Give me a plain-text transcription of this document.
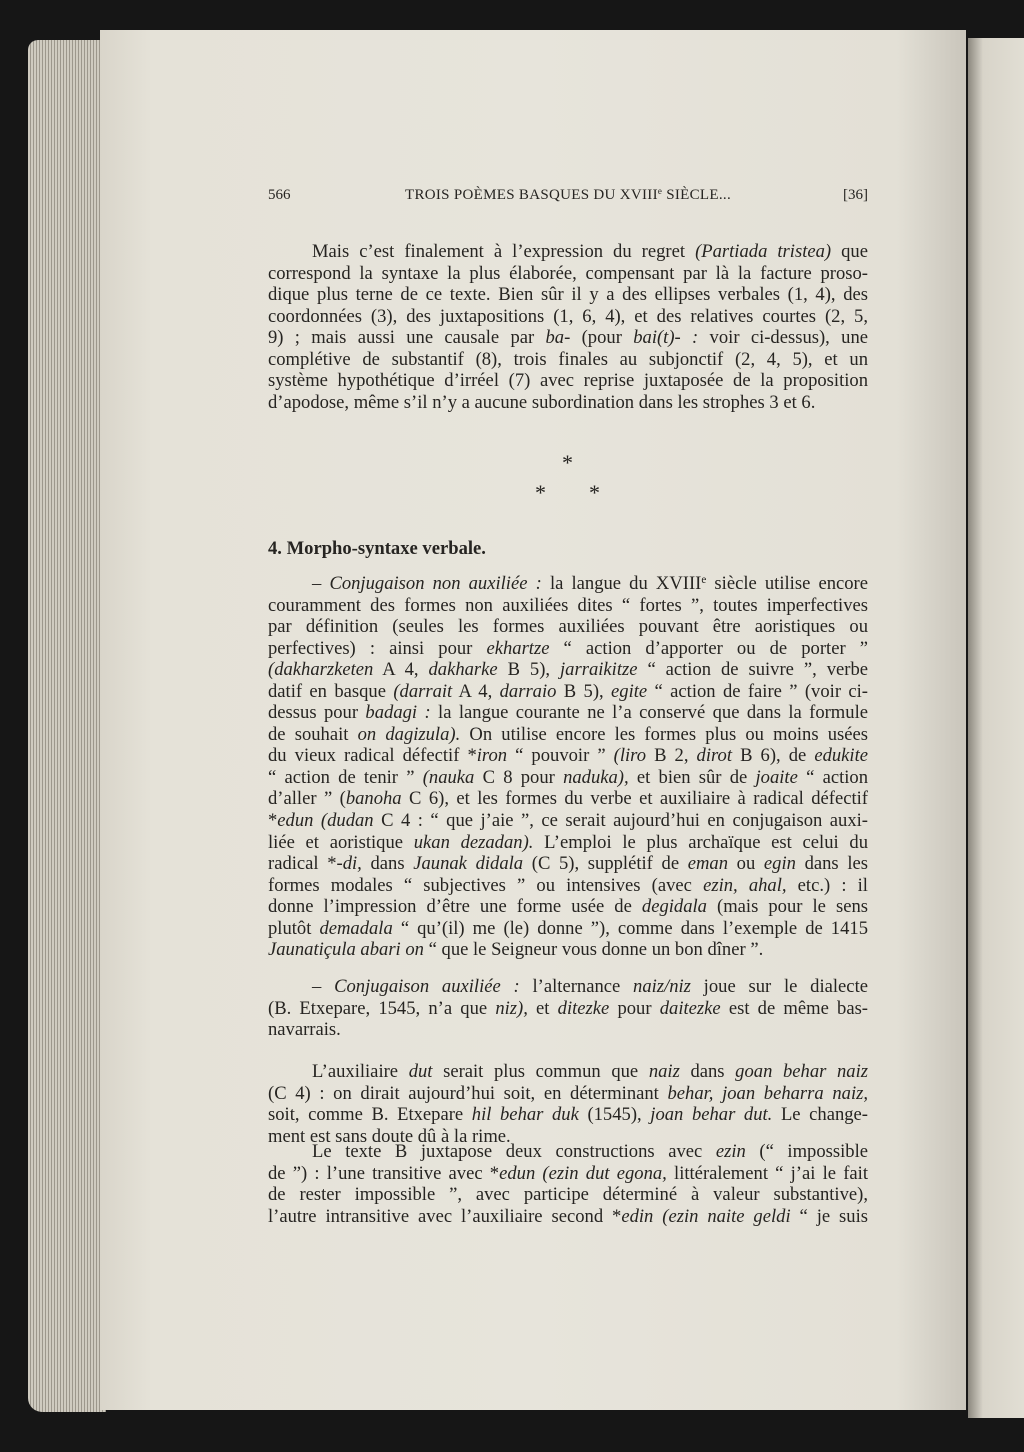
566	TROIS POÈMES BASQUES DU XVIIIe SIÈCLE...	[36]
Mais c’est finalement à l’expression du regret (Partiada tristea) que
correspond la syntaxe la plus élaborée, compensant par là la facture proso-
dique plus terne de ce texte. Bien sûr il y a des ellipses verbales (1, 4), des
coordonnées (3), des juxtapositions (1, 6, 4), et des relatives courtes (2, 5,
9) ; mais aussi une causale par ba- (pour bai(t)- : voir ci-dessus), une
complétive de substantif (8), trois finales au subjonctif (2, 4, 5), et un
système hypothétique d’irréel (7) avec reprise juxtaposée de la proposition
d’apodose, même s’il n’y a aucune subordination dans les strophes 3 et 6.
– Conjugaison non auxiliée : la langue du XVIIIe siècle utilise encore
couramment des formes non auxiliées dites “ fortes ”, toutes imperfectives
par définition (seules les formes auxiliées pouvant être aoristiques ou
perfectives) : ainsi pour ekhartze “ action d’apporter ou de porter ”
(dakharzketen A 4, dakharke B 5), jarraikitze “ action de suivre ”, verbe
datif en basque (darrait A 4, darraio B 5), egite “ action de faire ” (voir ci-
dessus pour badagi : la langue courante ne l’a conservé que dans la formule
de souhait on dagizula). On utilise encore les formes plus ou moins usées
du vieux radical défectif *iron “ pouvoir ” (liro B 2, dirot B 6), de edukite
“ action de tenir ” (nauka C 8 pour naduka), et bien sûr de joaite “ action
d’aller ” (banoha C 6), et les formes du verbe et auxiliaire à radical défectif
*edun (dudan C 4 : “ que j’aie ”, ce serait aujourd’hui en conjugaison auxi-
liée et aoristique ukan dezadan). L’emploi le plus archaïque est celui du
radical *-di, dans Jaunak didala (C 5), supplétif de eman ou egin dans les
formes modales “ subjectives ” ou intensives (avec ezin, ahal, etc.) : il
donne l’impression d’être une forme usée de degidala (mais pour le sens
plutôt demadala “ qu’(il) me (le) donne ”), comme dans l’exemple de 1415
Jaunatiçula abari on “ que le Seigneur vous donne un bon dîner ”.
– Conjugaison auxiliée : l’alternance naiz/niz joue sur le dialecte
(B. Etxepare, 1545, n’a que niz), et ditezke pour daitezke est de même bas-
navarrais.
L’auxiliaire dut serait plus commun que naiz dans goan behar naiz
(C 4) : on dirait aujourd’hui soit, en déterminant behar, joan beharra naiz,
soit, comme B. Etxepare hil behar duk (1545), joan behar dut. Le change-
ment est sans doute dû à la rime.
Le texte B juxtapose deux constructions avec ezin (“ impossible
de ”) : l’une transitive avec *edun (ezin dut egona, littéralement “ j’ai le fait
de rester impossible ”, avec participe déterminé à valeur substantive),
l’autre intransitive avec l’auxiliaire second *edin (ezin naite geldi “ je suis
*
* *
4. Morpho-syntaxe verbale.
